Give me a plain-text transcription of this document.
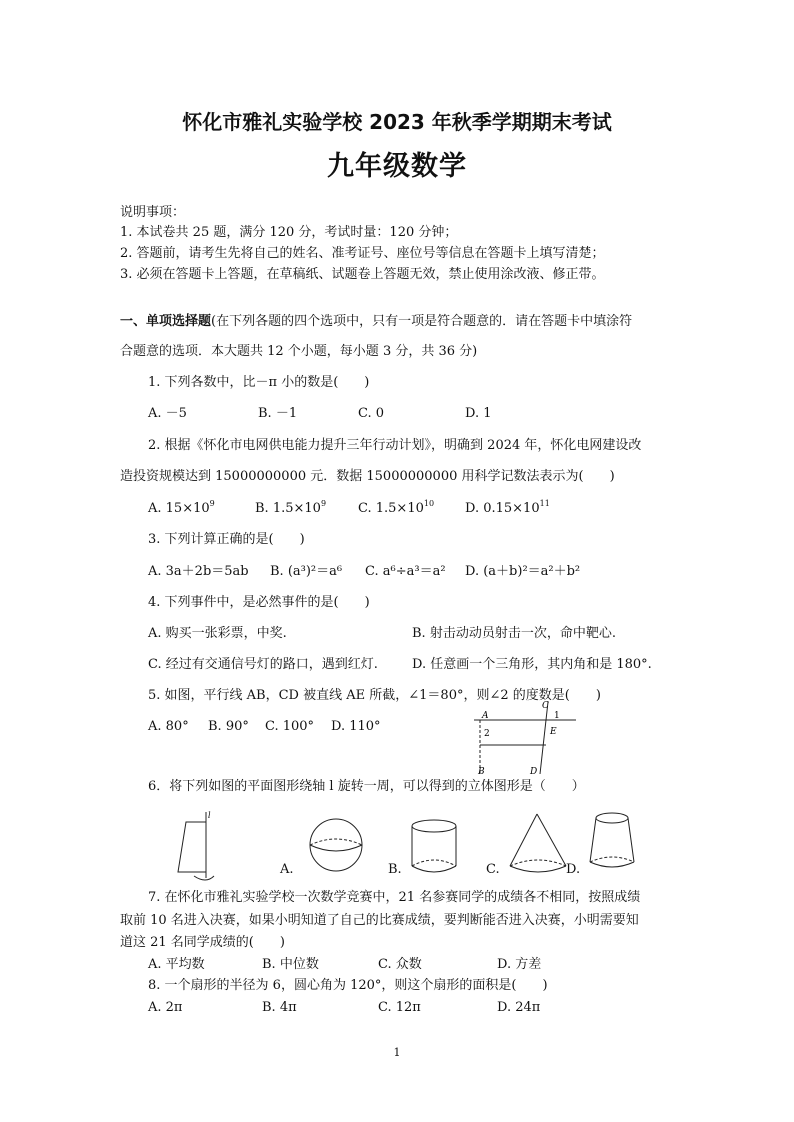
怀化市雅礼实验学校 2023 年秋季学期期末考试
九年级数学
说明事项：
1. 本试卷共 25 题，满分 120 分，考试时量：120 分钟；
2. 答题前，请考生先将自己的姓名、准考证号、座位号等信息在答题卡上填写清楚；
3. 必须在答题卡上答题，在草稿纸、试题卷上答题无效，禁止使用涂改液、修正带。
一、单项选择题(在下列各题的四个选项中，只有一项是符合题意的．请在答题卡中填涂符
合题意的选项．本大题共 12 个小题，每小题 3 分，共 36 分)
1. 下列各数中，比－π 小的数是(　　)
A. －5	B. －1	C. 0	D. 1
2. 根据《怀化市电网供电能力提升三年行动计划》，明确到 2024 年，怀化电网建设改
造投资规模达到 15000000000 元．数据 15000000000 用科学记数法表示为(　　)
A. $15\times 10^9$	B. $1.5\times 10^9$ C. $1.5\times 10^{10}$ D. $0.15\times 10^{11}$
3. 下列计算正确的是(　　)
A. 3a＋2b＝5ab B. (a³)²＝a⁶ C. a⁶÷a³＝a² D. (a＋b)²＝a²＋b²
4. 下列事件中，是必然事件的是(　　)
A. 购买一张彩票，中奖.	B. 射击动动员射击一次，命中靶心.
C. 经过有交通信号灯的路口，遇到红灯.	D. 任意画一个三角形，其内角和是 180°.
5. 如图，平行线 AB，CD 被直线 AE 所截，∠1＝80°，则∠2 的度数是(　　)
A. 80° B. 90° C. 100° D. 110°
A
C
1
2	E
B	D
6．将下列如图的平面图形绕轴 l 旋转一周，可以得到的立体图形是（　　）
l
A.	B.	C.	D.
7. 在怀化市雅礼实验学校一次数学竞赛中，21 名参赛同学的成绩各不相同，按照成绩
取前 10 名进入决赛，如果小明知道了自己的比赛成绩，要判断能否进入决赛，小明需要知
道这 21 名同学成绩的(　　)
A. 平均数	B. 中位数	C. 众数	D. 方差
8. 一个扇形的半径为 6，圆心角为 120°，则这个扇形的面积是(　　)
A. 2π	B. 4π	C. 12π	D. 24π
1
